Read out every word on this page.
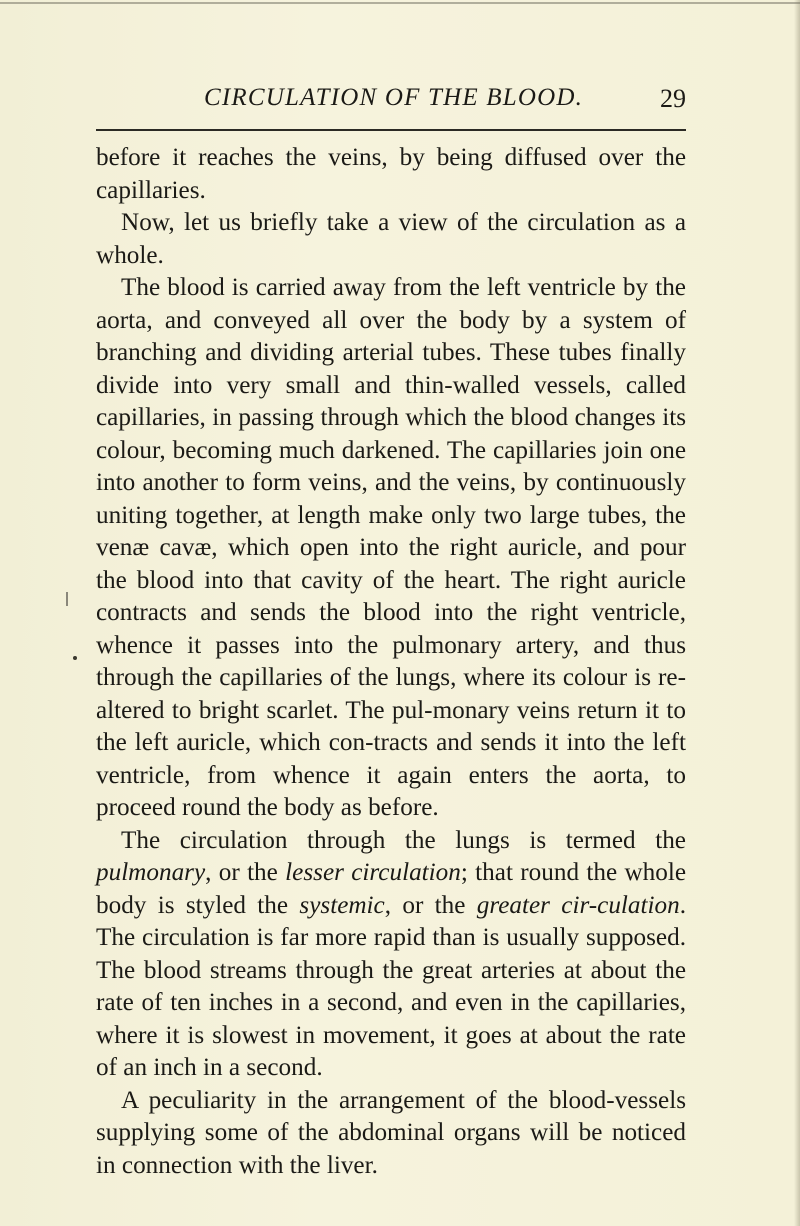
CIRCULATION OF THE BLOOD.	29

before it reaches the veins, by being diffused over the capillaries.

Now, let us briefly take a view of the circulation as a whole.

The blood is carried away from the left ventricle by the aorta, and conveyed all over the body by a system of branching and dividing arterial tubes. These tubes finally divide into very small and thin-walled vessels, called capillaries, in passing through which the blood changes its colour, becoming much darkened. The capillaries join one into another to form veins, and the veins, by continuously uniting together, at length make only two large tubes, the venæ cavæ, which open into the right auricle, and pour the blood into that cavity of the heart. The right auricle contracts and sends the blood into the right ventricle, whence it passes into the pulmonary artery, and thus through the capillaries of the lungs, where its colour is re-altered to bright scarlet. The pul-monary veins return it to the left auricle, which con-tracts and sends it into the left ventricle, from whence it again enters the aorta, to proceed round the body as before.

The circulation through the lungs is termed the pulmonary, or the lesser circulation; that round the whole body is styled the systemic, or the greater cir-culation. The circulation is far more rapid than is usually supposed. The blood streams through the great arteries at about the rate of ten inches in a second, and even in the capillaries, where it is slowest in movement, it goes at about the rate of an inch in a second.

A peculiarity in the arrangement of the blood-vessels supplying some of the abdominal organs will be noticed in connection with the liver.
